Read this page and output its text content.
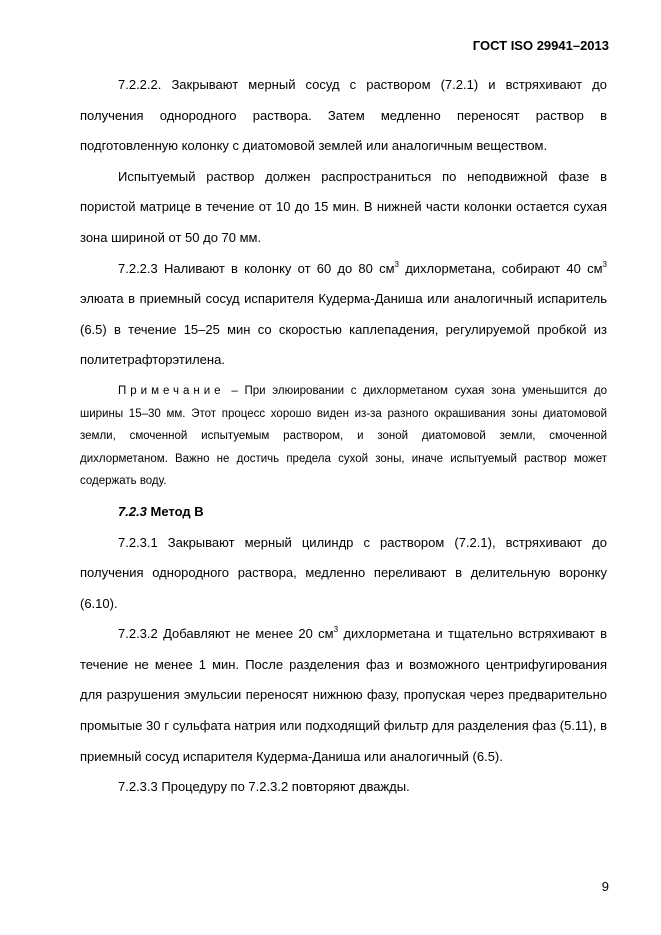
ГОСТ ISO 29941–2013

7.2.2.2. Закрывают мерный сосуд с раствором (7.2.1) и встряхивают до получения однородного раствора. Затем медленно переносят раствор в подготовленную колонку с диатомовой землей или аналогичным веществом.

Испытуемый раствор должен распространиться по неподвижной фазе в пористой матрице в течение от 10 до 15 мин. В нижней части колонки остается сухая зона шириной от 50 до 70 мм.

7.2.2.3 Наливают в колонку от 60 до 80 $см^3$ дихлорметана, собирают 40 $см^3$ элюата в приемный сосуд испарителя Кудерма-Даниша или аналогичный испаритель (6.5) в течение 15–25 мин со скоростью каплепадения, регулируемой пробкой из политетрафторэтилена.

Примечание – При элюировании с дихлорметаном сухая зона уменьшится до ширины 15–30 мм. Этот процесс хорошо виден из-за разного окрашивания зоны диатомовой земли, смоченной испытуемым раствором, и зоной диатомовой земли, смоченной дихлорметаном. Важно не достичь предела сухой зоны, иначе испытуемый раствор может содержать воду.

7.2.3 Метод В

7.2.3.1 Закрывают мерный цилиндр с раствором (7.2.1), встряхивают до получения однородного раствора, медленно переливают в делительную воронку (6.10).

7.2.3.2 Добавляют не менее 20 $см^3$ дихлорметана и тщательно встряхивают в течение не менее 1 мин. После разделения фаз и возможного центрифугирования для разрушения эмульсии переносят нижнюю фазу, пропуская через предварительно промытые 30 г сульфата натрия или подходящий фильтр для разделения фаз (5.11), в приемный сосуд испарителя Кудерма-Даниша или аналогичный (6.5).

7.2.3.3 Процедуру по 7.2.3.2 повторяют дважды.

9
